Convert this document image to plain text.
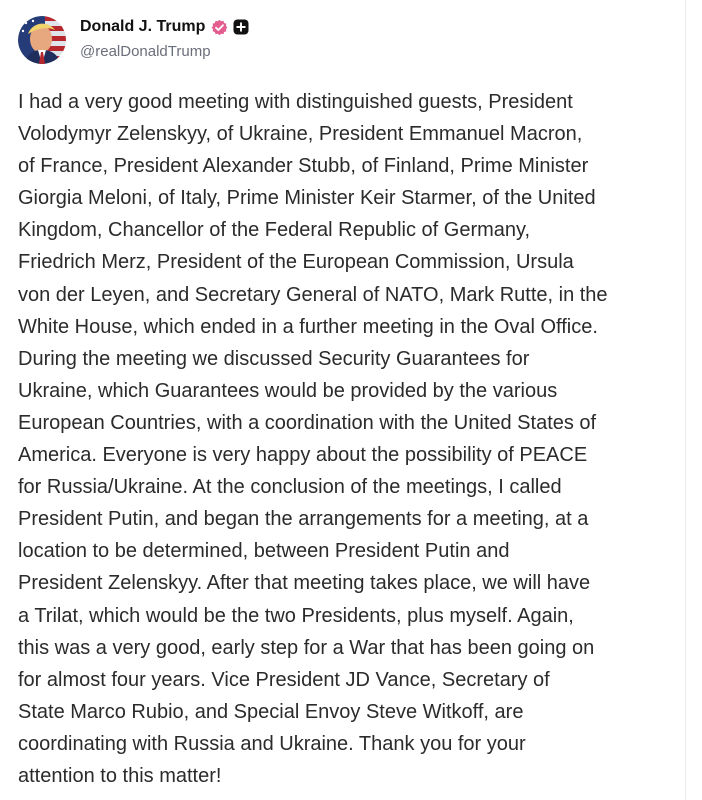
Donald J. Trump
@realDonaldTrump
I had a very good meeting with distinguished guests, President
Volodymyr Zelenskyy, of Ukraine, President Emmanuel Macron,
of France, President Alexander Stubb, of Finland, Prime Minister
Giorgia Meloni, of Italy, Prime Minister Keir Starmer, of the United
Kingdom, Chancellor of the Federal Republic of Germany,
Friedrich Merz, President of the European Commission, Ursula
von der Leyen, and Secretary General of NATO, Mark Rutte, in the
White House, which ended in a further meeting in the Oval Office.
During the meeting we discussed Security Guarantees for
Ukraine, which Guarantees would be provided by the various
European Countries, with a coordination with the United States of
America. Everyone is very happy about the possibility of PEACE
for Russia/Ukraine. At the conclusion of the meetings, I called
President Putin, and began the arrangements for a meeting, at a
location to be determined, between President Putin and
President Zelenskyy. After that meeting takes place, we will have
a Trilat, which would be the two Presidents, plus myself. Again,
this was a very good, early step for a War that has been going on
for almost four years. Vice President JD Vance, Secretary of
State Marco Rubio, and Special Envoy Steve Witkoff, are
coordinating with Russia and Ukraine. Thank you for your
attention to this matter!
